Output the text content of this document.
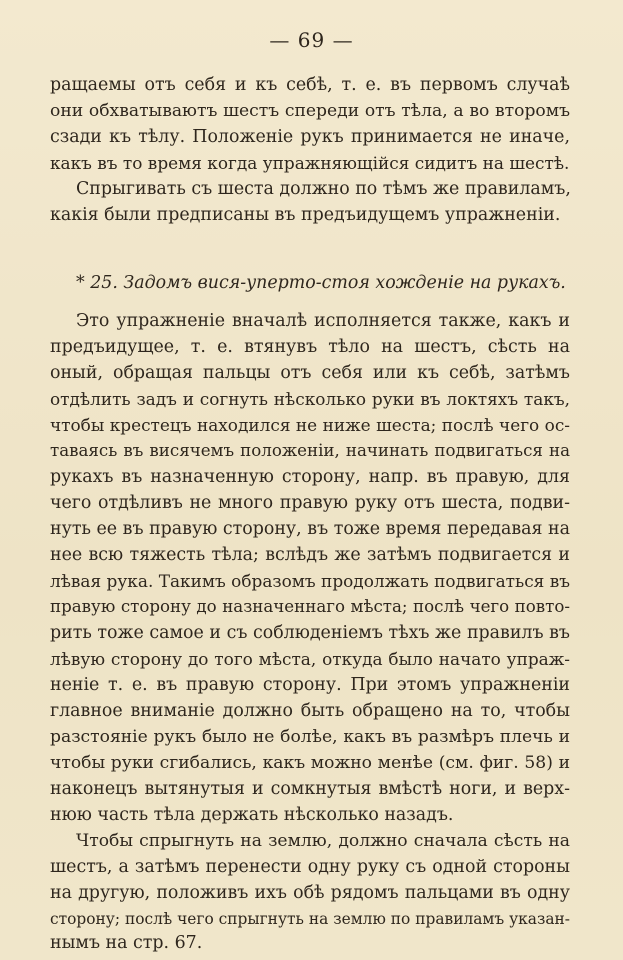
— 69 —
ращаемы отъ себя и къ себѣ, т. е. въ первомъ случаѣ
они обхватываютъ шестъ спереди отъ тѣла, а во второмъ
сзади къ тѣлу. Положеніе рукъ принимается не иначе,
какъ въ то время когда упражняющійся сидитъ на шестѣ.
Спрыгивать съ шеста должно по тѣмъ же правиламъ,
какія были предписаны въ предъидущемъ упражненіи.
* 25. Задомъ вися-уперто-стоя хожденіе на рукахъ.
Это упражненіе вначалѣ исполняется также, какъ и
предъидущее, т. е. втянувъ тѣло на шестъ, сѣсть на
оный, обращая пальцы отъ себя или къ себѣ, затѣмъ
отдѣлить задъ и согнуть нѣсколько руки въ локтяхъ такъ,
чтобы крестецъ находился не ниже шеста; послѣ чего ос-
таваясь въ висячемъ положеніи, начинать подвигаться на
рукахъ въ назначенную сторону, напр. въ правую, для
чего отдѣливъ не много правую руку отъ шеста, подви-
нуть ее въ правую сторону, въ тоже время передавая на
нее всю тяжесть тѣла; вслѣдъ же затѣмъ подвигается и
лѣвая рука. Такимъ образомъ продолжать подвигаться въ
правую сторону до назначеннаго мѣста; послѣ чего повто-
рить тоже самое и съ соблюденіемъ тѣхъ же правилъ въ
лѣвую сторону до того мѣста, откуда было начато упраж-
неніе т. е. въ правую сторону. При этомъ упражненіи
главное вниманіе должно быть обращено на то, чтобы
разстояніе рукъ было не болѣе, какъ въ размѣръ плечь и
чтобы руки сгибались, какъ можно менѣе (см. фиг. 58) и
наконецъ вытянутыя и сомкнутыя вмѣстѣ ноги, и верх-
нюю часть тѣла держать нѣсколько назадъ.
Чтобы спрыгнуть на землю, должно сначала сѣсть на
шестъ, а затѣмъ перенести одну руку съ одной стороны
на другую, положивъ ихъ обѣ рядомъ пальцами въ одну
сторону; послѣ чего спрыгнуть на землю по правиламъ указан-
нымъ на стр. 67.
